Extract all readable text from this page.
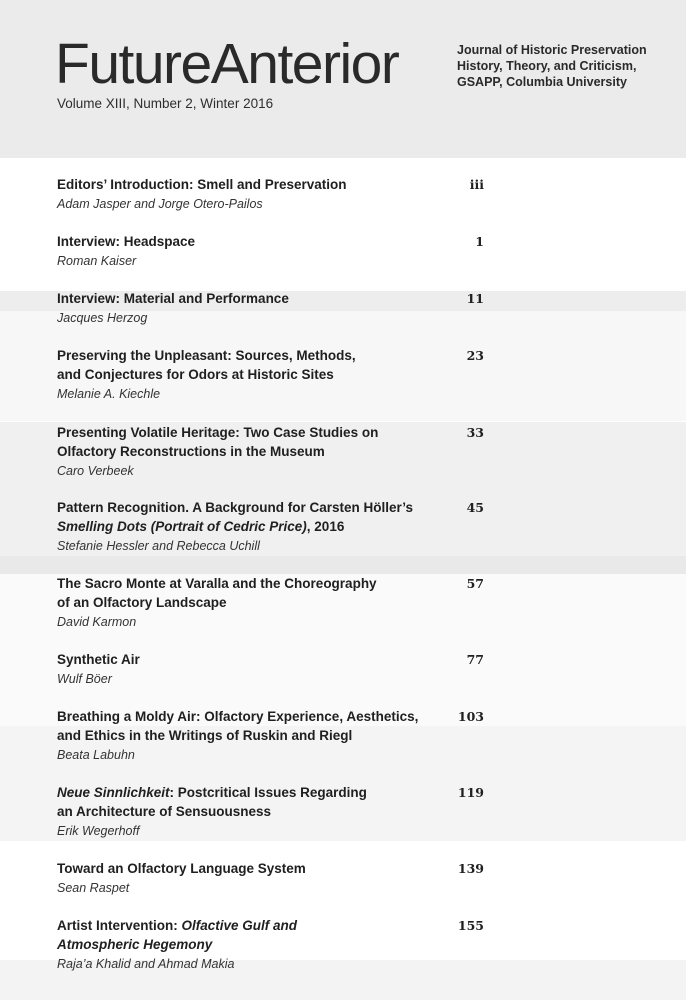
FutureAnterior
Volume XIII, Number 2, Winter 2016
Journal of Historic Preservation
History, Theory, and Criticism,
GSAPP, Columbia University
Editors’ Introduction: Smell and Preservation
Adam Jasper and Jorge Otero-Pailos
iii
Interview: Headspace
Roman Kaiser
1
Interview: Material and Performance
Jacques Herzog
11
Preserving the Unpleasant: Sources, Methods,
and Conjectures for Odors at Historic Sites
Melanie A. Kiechle
23
Presenting Volatile Heritage: Two Case Studies on
Olfactory Reconstructions in the Museum
Caro Verbeek
33
Pattern Recognition. A Background for Carsten Höller’s
Smelling Dots (Portrait of Cedric Price), 2016
Stefanie Hessler and Rebecca Uchill
45
The Sacro Monte at Varalla and the Choreography
of an Olfactory Landscape
David Karmon
57
Synthetic Air
Wulf Böer
77
Breathing a Moldy Air: Olfactory Experience, Aesthetics,
and Ethics in the Writings of Ruskin and Riegl
Beata Labuhn
103
Neue Sinnlichkeit: Postcritical Issues Regarding
an Architecture of Sensuousness
Erik Wegerhoff
119
Toward an Olfactory Language System
Sean Raspet
139
Artist Intervention: Olfactive Gulf and
Atmospheric Hegemony
Raja’a Khalid and Ahmad Makia
155
